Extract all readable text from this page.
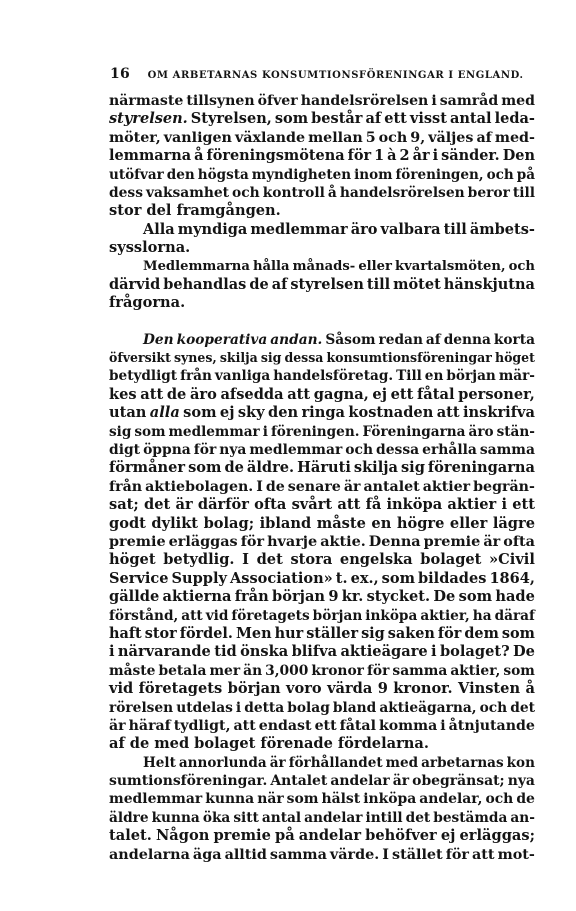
16 OM ARBETARNAS KONSUMTIONSFÖRENINGAR I ENGLAND.
närmaste tillsynen öfver handelsrörelsen i samråd med
styrelsen. Styrelsen, som består af ett visst antal leda-
möter, vanligen växlande mellan 5 och 9, väljes af med-
lemmarna å föreningsmötena för 1 à 2 år i sänder. Den
utöfvar den högsta myndigheten inom föreningen, och på
dess vaksamhet och kontroll å handelsrörelsen beror till
stor del framgången.
Alla myndiga medlemmar äro valbara till ämbets-
sysslorna.
Medlemmarna hålla månads- eller kvartalsmöten, och
därvid behandlas de af styrelsen till mötet hänskjutna
frågorna.
Den kooperativa andan. Såsom redan af denna korta
öfversikt synes, skilja sig dessa konsumtionsföreningar höget
betydligt från vanliga handelsföretag. Till en början mär-
kes att de äro afsedda att gagna, ej ett fåtal personer,
utan alla som ej sky den ringa kostnaden att inskrifva
sig som medlemmar i föreningen. Föreningarna äro stän-
digt öppna för nya medlemmar och dessa erhålla samma
förmåner som de äldre. Häruti skilja sig föreningarna
från aktiebolagen. I de senare är antalet aktier begrän-
sat; det är därför ofta svårt att få inköpa aktier i ett
godt dylikt bolag; ibland måste en högre eller lägre
premie erläggas för hvarje aktie. Denna premie är ofta
höget betydlig. I det stora engelska bolaget »Civil
Service Supply Association» t. ex., som bildades 1864,
gällde aktierna från början 9 kr. stycket. De som hade
förstånd, att vid företagets början inköpa aktier, ha däraf
haft stor fördel. Men hur ställer sig saken för dem som
i närvarande tid önska blifva aktieägare i bolaget? De
måste betala mer än 3,000 kronor för samma aktier, som
vid företagets början voro värda 9 kronor. Vinsten å
rörelsen utdelas i detta bolag bland aktieägarna, och det
är häraf tydligt, att endast ett fåtal komma i åtnjutande
af de med bolaget förenade fördelarna.
Helt annorlunda är förhållandet med arbetarnas kon
sumtionsföreningar. Antalet andelar är obegränsat; nya
medlemmar kunna när som hälst inköpa andelar, och de
äldre kunna öka sitt antal andelar intill det bestämda an-
talet. Någon premie på andelar behöfver ej erläggas;
andelarna äga alltid samma värde. I stället för att mot-
